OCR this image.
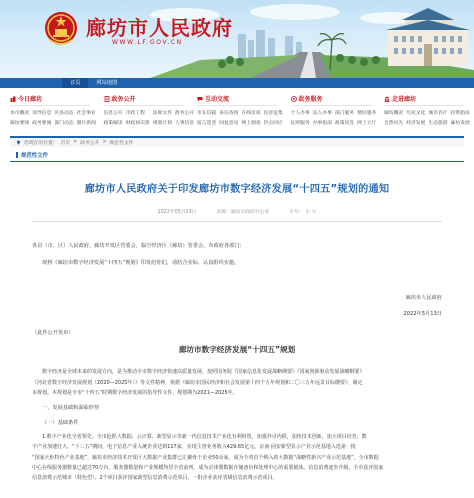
廊坊市人民政府
WWW.LF.GOV.CN
首页	网站地图
今日廊坊
本市概况 领导信息 区县动态 社会事业
廊坊要闻 政务要闻 部门动态 图片新闻
政务公开
信息公开 市政工程	法规文件 政务公开
政策解读 财政预决算 规划计划 人事信息
互动交流
市长信箱 来信查询 在线访谈 民意征集
留言选登 回复意见 网上调查 热点回应
政务服务
个人办事 法人办事 部门服务 便民服务
证照服务 办事指南 政策问答 网上大厅
走进廊坊
廊坊概况 历史文化 城市名片 投资指南
自然风光 经济发展 生态旅游 廊坊发展
您现在的位置： 首页 > 政务公开 > 规范性文件
规范性文件
廊坊市人民政府关于印发廊坊市数字经济发展“十四五”规划的通知
2022年05月23日	来源：廊坊市政府办公室	字号： 小 大
各县（市、区）人民政府，廊坊开发区管委会，临空经济区（廊坊）管委会，市政府各部门：
现将《廊坊市数字经济发展“十四五”规划》印发给你们，请结合实际，认真组织实施。
廊坊市人民政府
2022年5月13日
（此件公开发布）
廊坊市数字经济发展“十四五”规划

数字经济是全球未来的发展方向，是为推动全市数字经济快速高质量发展，按照国务院《国家信息化发展战略纲要》《国家创新驱动发展战略纲要》

《河北省数字经济发展规划（2020—2025年）》等文件精神，依据《廊坊市国民经济和社会发展第十四个五年规划和二〇三五年远景目标纲要》，制定

本规划。本规划是全市“十四五”时期数字经济发展的指导性文件，规划期为2021—2025年。

一、发展基础和面临形势
（一）基础条件

1.数字产业化全省领先。全市抢抓大数据、云计算、新型显示等新一代信息技术产业化有利时机，加强外引内联，加快技术创新，加大项目培育，数

字产业加速壮大。“十三五”期间，电子信息产业入统企业达到117家，实现主营业务收入429.65亿元，京南·固安新型显示产业示范基地入选第一批

“国家火炬特色产业基地”，廊坊市经济技术开发区大数据产业集群已汇聚骨干企业50余家，成为全省首个纳入的大数据“战略性新兴产业示范基地”，全市数据

中心在线服务器数量已超过70万台，服务器数量和产业规模均居全省前列，成为京津冀数据存储备份和处理中心的重要载体。信息消费逐步升级，全市获评国家

信息消费示范城市（特色型），2个项目获评国家新型信息消费示范项目，一批企业获评省级信息消费示范项目。
